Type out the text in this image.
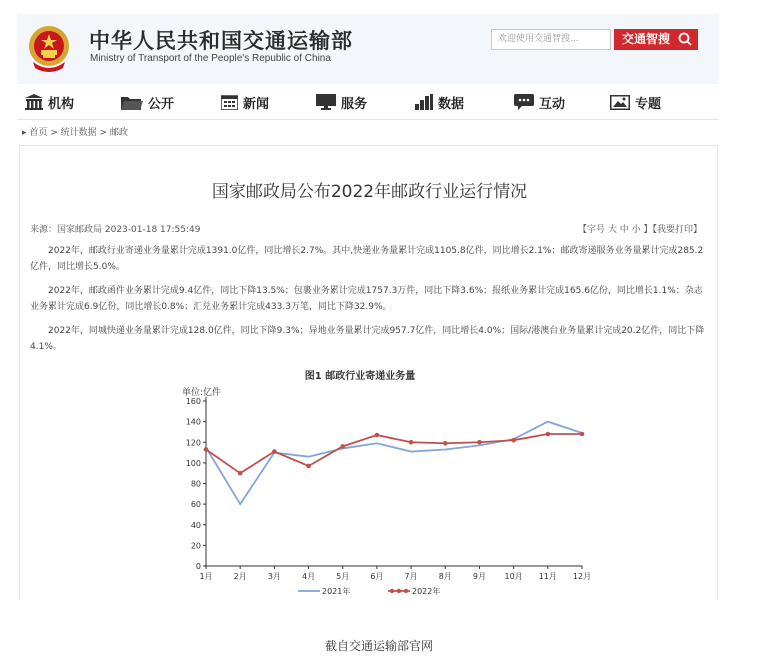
中华人民共和国交通运输部
Ministry of Transport of the People's Republic of China
欢迎使用交通智搜...	交通智搜
机构	公开	新闻	服务	数据	互动	专题
▸ 首页 > 统计数据 > 邮政
国家邮政局公布2022年邮政行业运行情况
来源：国家邮政局 2023-01-18 17:55:49	【字号 大 中 小 】【我要打印】
2022年，邮政行业寄递业务量累计完成1391.0亿件，同比增长2.7%。其中,快递业务量累计完成1105.8亿件，同比增长2.1%；邮政寄递服务业务量累计完成285.2亿件，同比增长5.0%。
2022年，邮政函件业务累计完成9.4亿件，同比下降13.5%；包裹业务累计完成1757.3万件，同比下降3.6%；报纸业务累计完成165.6亿份，同比增长1.1%；杂志业务累计完成6.9亿份，同比增长0.8%；汇兑业务累计完成433.3万笔，同比下降32.9%。
2022年，同城快递业务量累计完成128.0亿件，同比下降9.3%；异地业务量累计完成957.7亿件，同比增长4.0%；国际/港澳台业务量累计完成20.2亿件，同比下降4.1%。
图1 邮政行业寄递业务量
单位:亿件
0
20
40
60
80
100
120
140
160
1月	2月	3月	4月	5月	6月	7月	8月	9月 10月 11月 12月
2021年	2022年
截自交通运输部官网
